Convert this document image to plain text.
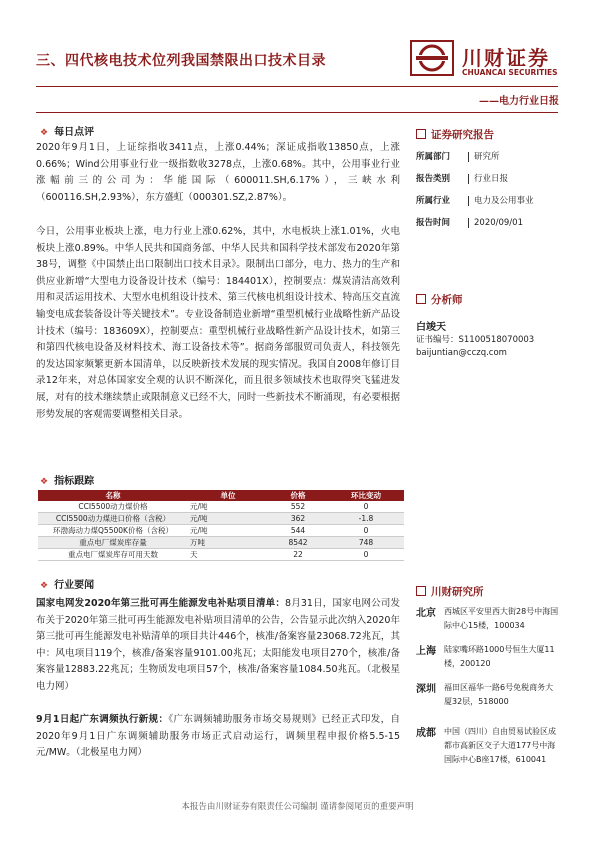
三、四代核电技术位列我国禁限出口技术目录	川财证券
CHUANCAI SECURITIES
——电力行业日报
❖ 每日点评
2020年9月1日，上证综指收3411点，上涨0.44%；深证成指收13850点，上涨0.66%；Wind公用事业行业一级指数收3278点，上涨0.68%。其中，公用事业行业涨幅前三的公司为：华能国际（600011.SH,6.17%），三峡水利（600116.SH,2.93%），东方盛虹（000301.SZ,2.87%）。
今日，公用事业板块上涨，电力行业上涨0.62%，其中，水电板块上涨1.01%，火电板块上涨0.89%。中华人民共和国商务部、中华人民共和国科学技术部发布2020年第38号，调整《中国禁止出口限制出口技术目录》。限制出口部分，电力、热力的生产和供应业新增“大型电力设备设计技术（编号：184401X），控制要点：煤炭清洁高效利用和灵活运用技术、大型水电机组设计技术、第三代核电机组设计技术、特高压交直流输变电成套装备设计等关键技术”。专业设备制造业新增“重型机械行业战略性新产品设计技术（编号：183609X），控制要点：重型机械行业战略性新产品设计技术，如第三和第四代核电设备及材料技术、海工设备技术等”。据商务部服贸司负责人，科技领先的发达国家频繁更新本国清单，以反映新技术发展的现实情况。我国自2008年修订目录12年来，对总体国家安全观的认识不断深化，而且很多领域技术也取得突飞猛进发展，对有的技术继续禁止或限制意义已经不大，同时一些新技术不断涌现，有必要根据形势发展的客观需要调整相关目录。
❖ 指标跟踪
名称	单位	价格	环比变动
CCI5500动力煤价格	元/吨	552	0
CCI5500动力煤进口价格（含税）	元/吨	362	-1.8
环渤海动力煤Q5500K价格（含税）	元/吨	544	0
重点电厂煤炭库存量	万吨	8542	748
重点电厂煤炭库存可用天数	天	22	0
❖ 行业要闻
国家电网发2020年第三批可再生能源发电补贴项目清单：8月31日，国家电网公司发布关于2020年第三批可再生能源发电补贴项目清单的公告，公告显示此次纳入2020年第三批可再生能源发电补贴清单的项目共计446个，核准/备案容量23068.72兆瓦，其中：风电项目119个，核准/备案容量9101.00兆瓦；太阳能发电项目270个，核准/备案容量12883.22兆瓦；生物质发电项目57个，核准/备案容量1084.50兆瓦。（北极星电力网）
9月1日起广东调频执行新规：《广东调频辅助服务市场交易规则》已经正式印发，自2020年9月1日广东调频辅助服务市场正式启动运行，调频里程申报价格5.5-15元/MW。（北极星电力网）
证券研究报告
所属部门	研究所
报告类别	行业日报
所属行业	电力及公用事业
报告时间	2020/09/01
分析师
白竣天
证书编号：S1100518070003
baijuntian@cczq.com
川财研究所
北京 西城区平安里西大街28号中海国际中心15楼，100034
上海 陆家嘴环路1000号恒生大厦11楼，200120
深圳 福田区福华一路6号免税商务大厦32层，518000
成都 中国（四川）自由贸易试验区成都市高新区交子大道177号中海国际中心B座17楼，610041
本报告由川财证券有限责任公司编制 谨请参阅尾页的重要声明
